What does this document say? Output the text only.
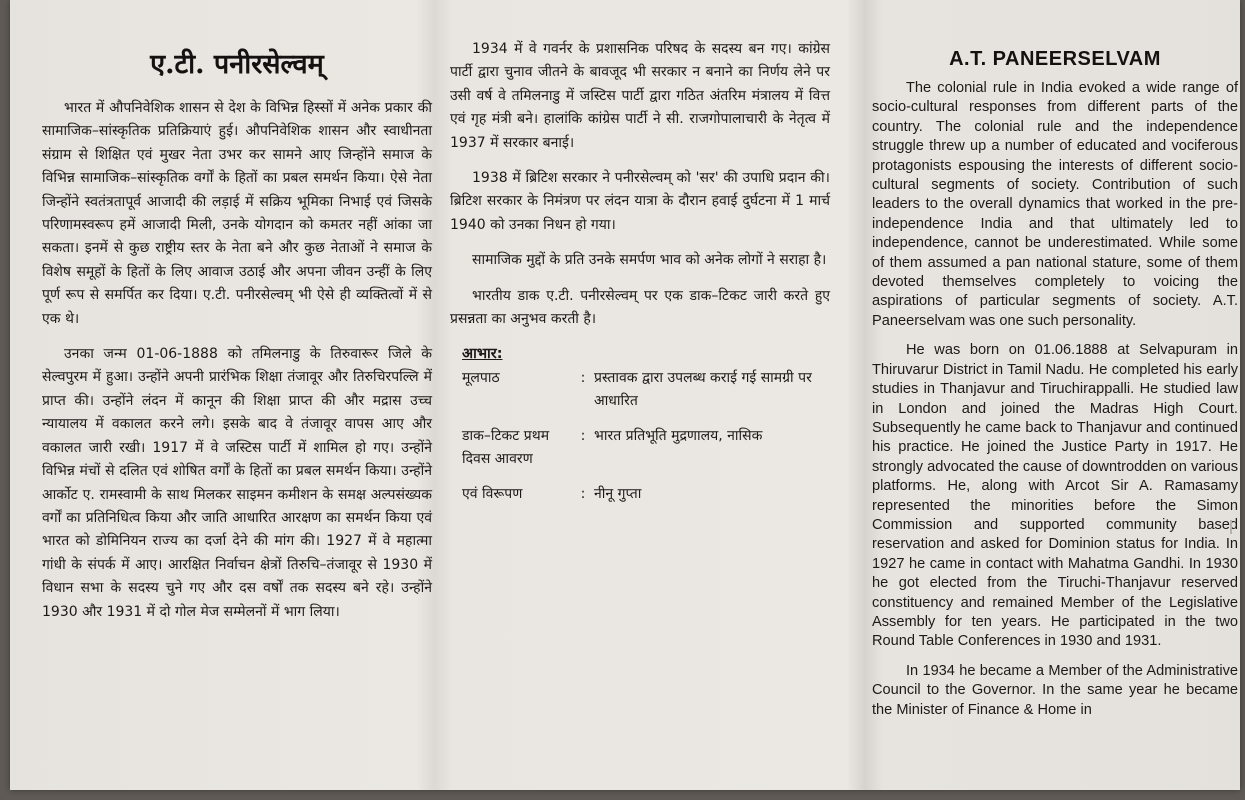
ए.टी. पनीरसेल्वम्

भारत में औपनिवेशिक शासन से देश के विभिन्न हिस्सों में अनेक प्रकार की सामाजिक–सांस्कृतिक प्रतिक्रियाएं हुई। औपनिवेशिक शासन और स्वाधीनता संग्राम से शिक्षित एवं मुखर नेता उभर कर सामने आए जिन्होंने समाज के विभिन्न सामाजिक–सांस्कृतिक वर्गों के हितों का प्रबल समर्थन किया। ऐसे नेता जिन्होंने स्वतंत्रतापूर्व आजादी की लड़ाई में सक्रिय भूमिका निभाई एवं जिसके परिणामस्वरूप हमें आजादी मिली, उनके योगदान को कमतर नहीं आंका जा सकता। इनमें से कुछ राष्ट्रीय स्तर के नेता बने और कुछ नेताओं ने समाज के विशेष समूहों के हितों के लिए आवाज उठाई और अपना जीवन उन्हीं के लिए पूर्ण रूप से समर्पित कर दिया। ए.टी. पनीरसेल्वम् भी ऐसे ही व्यक्तित्वों में से एक थे।

उनका जन्म 01-06-1888 को तमिलनाडु के तिरुवारूर जिले के सेल्वपुरम में हुआ। उन्होंने अपनी प्रारंभिक शिक्षा तंजावूर और तिरुचिरपल्लि में प्राप्त की। उन्होंने लंदन में कानून की शिक्षा प्राप्त की और मद्रास उच्च न्यायालय में वकालत करने लगे। इसके बाद वे तंजावूर वापस आए और वकालत जारी रखी। 1917 में वे जस्टिस पार्टी में शामिल हो गए। उन्होंने विभिन्न मंचों से दलित एवं शोषित वर्गों के हितों का प्रबल समर्थन किया। उन्होंने आर्कोट ए. रामस्वामी के साथ मिलकर साइमन कमीशन के समक्ष अल्पसंख्यक वर्गों का प्रतिनिधित्व किया और जाति आधारित आरक्षण का समर्थन किया एवं भारत को डोमिनियन राज्य का दर्जा देने की मांग की। 1927 में वे महात्मा गांधी के संपर्क में आए। आरक्षित निर्वाचन क्षेत्रों तिरुचि–तंजावूर से 1930 में विधान सभा के सदस्य चुने गए और दस वर्षों तक सदस्य बने रहे। उन्होंने 1930 और 1931 में दो गोल मेज सम्मेलनों में भाग लिया।

1934 में वे गवर्नर के प्रशासनिक परिषद के सदस्य बन गए। कांग्रेस पार्टी द्वारा चुनाव जीतने के बावजूद भी सरकार न बनाने का निर्णय लेने पर उसी वर्ष वे तमिलनाडु में जस्टिस पार्टी द्वारा गठित अंतरिम मंत्रालय में वित्त एवं गृह मंत्री बने। हालांकि कांग्रेस पार्टी ने सी. राजगोपालाचारी के नेतृत्व में 1937 में सरकार बनाई।

1938 में ब्रिटिश सरकार ने पनीरसेल्वम् को 'सर' की उपाधि प्रदान की। ब्रिटिश सरकार के निमंत्रण पर लंदन यात्रा के दौरान हवाई दुर्घटना में 1 मार्च 1940 को उनका निधन हो गया।

सामाजिक मुद्दों के प्रति उनके समर्पण भाव को अनेक लोगों ने सराहा है।

भारतीय डाक ए.टी. पनीरसेल्वम् पर एक डाक–टिकट जारी करते हुए प्रसन्नता का अनुभव करती है।

आभार:
मूलपाठ	:	प्रस्तावक द्वारा उपलब्ध कराई गई सामग्री पर आधारित
डाक–टिकट प्रथम दिवस आवरण	:	भारत प्रतिभूति मुद्रणालय, नासिक
एवं विरूपण	:	नीनू गुप्ता
A.T. PANEERSELVAM

The colonial rule in India evoked a wide range of socio-cultural responses from different parts of the country. The colonial rule and the independence struggle threw up a number of educated and vociferous protagonists espousing the interests of different socio-cultural segments of society. Contribution of such leaders to the overall dynamics that worked in the pre-independence India and that ultimately led to independence, cannot be underestimated. While some of them assumed a pan national stature, some of them devoted themselves completely to voicing the aspirations of particular segments of society. A.T. Paneerselvam was one such personality.

He was born on 01.06.1888 at Selvapuram in Thiruvarur District in Tamil Nadu. He completed his early studies in Thanjavur and Tiruchirappalli. He studied law in London and joined the Madras High Court. Subsequently he came back to Thanjavur and continued his practice. He joined the Justice Party in 1917. He strongly advocated the cause of downtrodden on various platforms. He, along with Arcot Sir A. Ramasamy represented the minorities before the Simon Commission and supported community based reservation and asked for Dominion status for India. In 1927 he came in contact with Mahatma Gandhi. In 1930 he got elected from the Tiruchi-Thanjavur reserved constituency and remained Member of the Legislative Assembly for ten years. He participated in the two Round Table Conferences in 1930 and 1931.

In 1934 he became a Member of the Administrative Council to the Governor. In the same year he became the Minister of Finance & Home in
